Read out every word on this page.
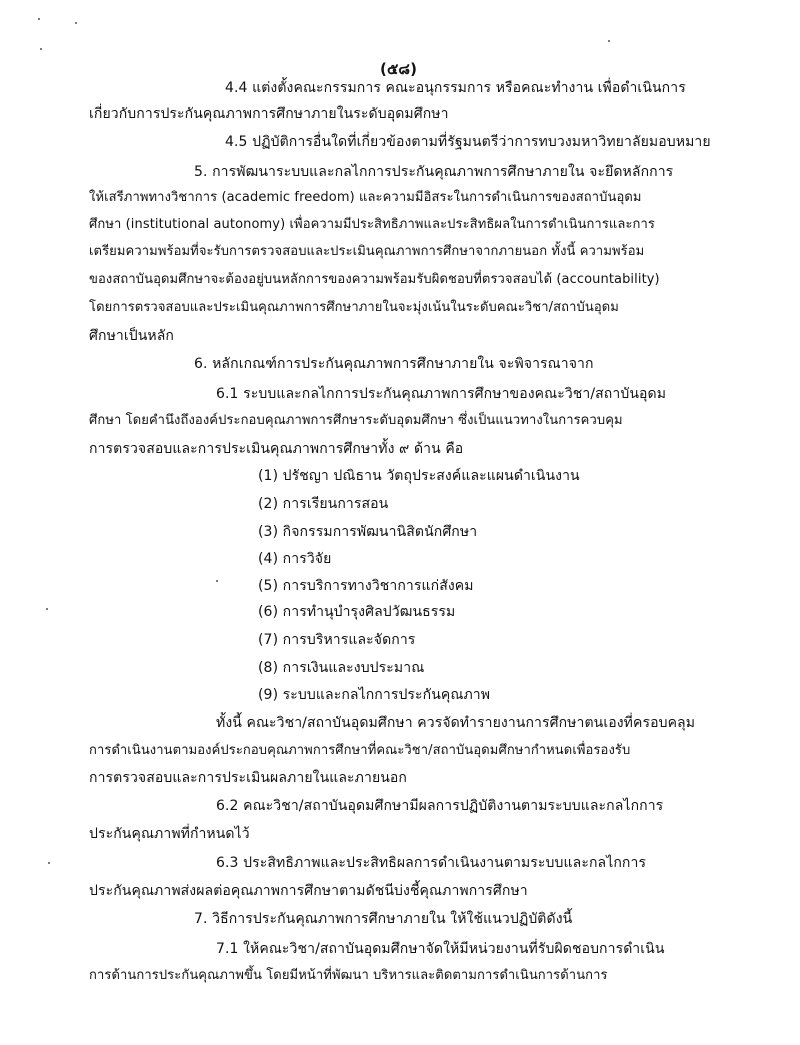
(๕๘)
4.4 แต่งตั้งคณะกรรมการ คณะอนุกรรมการ หรือคณะทำงาน เพื่อดำเนินการ
เกี่ยวกับการประกันคุณภาพการศึกษาภายในระดับอุดมศึกษา
4.5 ปฏิบัติการอื่นใดที่เกี่ยวข้องตามที่รัฐมนตรีว่าการทบวงมหาวิทยาลัยมอบหมาย
5. การพัฒนาระบบและกลไกการประกันคุณภาพการศึกษาภายใน จะยึดหลักการ
ให้เสรีภาพทางวิชาการ (academic freedom) และความมีอิสระในการดำเนินการของสถาบันอุดม
ศึกษา (institutional autonomy) เพื่อความมีประสิทธิภาพและประสิทธิผลในการดำเนินการและการ
เตรียมความพร้อมที่จะรับการตรวจสอบและประเมินคุณภาพการศึกษาจากภายนอก ทั้งนี้ ความพร้อม
ของสถาบันอุดมศึกษาจะต้องอยู่บนหลักการของความพร้อมรับผิดชอบที่ตรวจสอบได้ (accountability)
โดยการตรวจสอบและประเมินคุณภาพการศึกษาภายในจะมุ่งเน้นในระดับคณะวิชา/สถาบันอุดม
ศึกษาเป็นหลัก
6. หลักเกณฑ์การประกันคุณภาพการศึกษาภายใน จะพิจารณาจาก
6.1 ระบบและกลไกการประกันคุณภาพการศึกษาของคณะวิชา/สถาบันอุดม
ศึกษา โดยคำนึงถึงองค์ประกอบคุณภาพการศึกษาระดับอุดมศึกษา ซึ่งเป็นแนวทางในการควบคุม
การตรวจสอบและการประเมินคุณภาพการศึกษาทั้ง ๙ ด้าน คือ
(1) ปรัชญา ปณิธาน วัตถุประสงค์และแผนดำเนินงาน
(2) การเรียนการสอน
(3) กิจกรรมการพัฒนานิสิตนักศึกษา
(4) การวิจัย
(5) การบริการทางวิชาการแก่สังคม
(6) การทำนุบำรุงศิลปวัฒนธรรม
(7) การบริหารและจัดการ
(8) การเงินและงบประมาณ
(9) ระบบและกลไกการประกันคุณภาพ
ทั้งนี้ คณะวิชา/สถาบันอุดมศึกษา ควรจัดทำรายงานการศึกษาตนเองที่ครอบคลุม
การดำเนินงานตามองค์ประกอบคุณภาพการศึกษาที่คณะวิชา/สถาบันอุดมศึกษากำหนดเพื่อรองรับ
การตรวจสอบและการประเมินผลภายในและภายนอก
6.2 คณะวิชา/สถาบันอุดมศึกษามีผลการปฏิบัติงานตามระบบและกลไกการ
ประกันคุณภาพที่กำหนดไว้
6.3 ประสิทธิภาพและประสิทธิผลการดำเนินงานตามระบบและกลไกการ
ประกันคุณภาพส่งผลต่อคุณภาพการศึกษาตามดัชนีบ่งชี้คุณภาพการศึกษา
7. วิธีการประกันคุณภาพการศึกษาภายใน ให้ใช้แนวปฏิบัติดังนี้
7.1 ให้คณะวิชา/สถาบันอุดมศึกษาจัดให้มีหน่วยงานที่รับผิดชอบการดำเนิน
การด้านการประกันคุณภาพขึ้น โดยมีหน้าที่พัฒนา บริหารและติดตามการดำเนินการด้านการ
